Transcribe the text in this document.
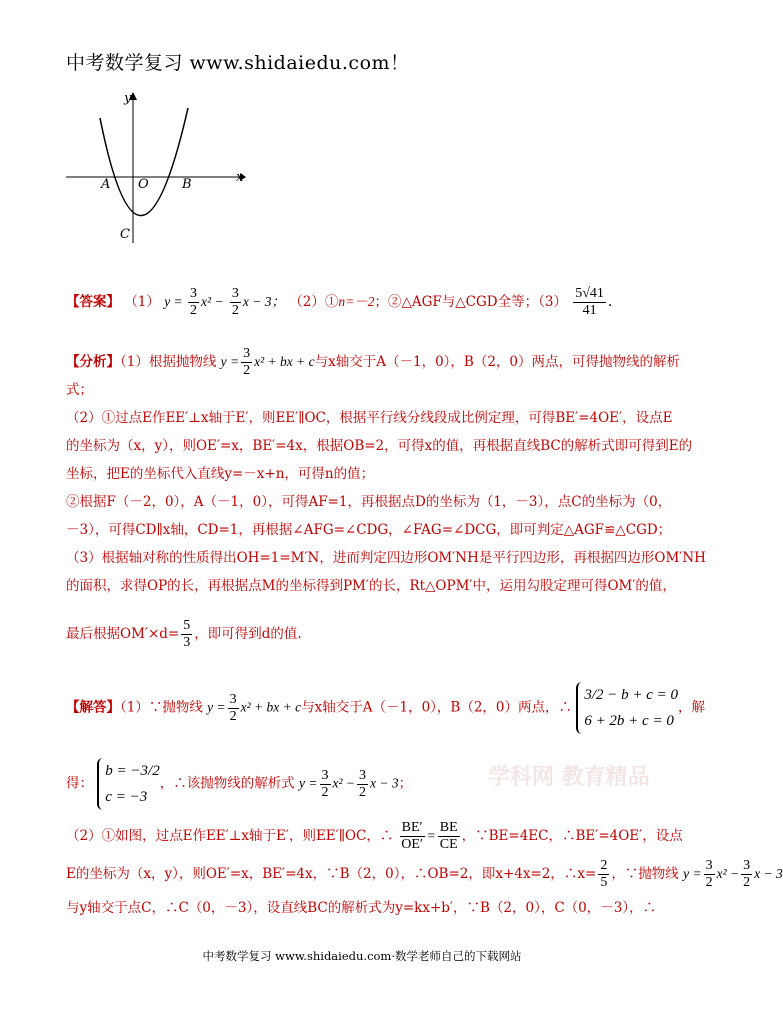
中考数学复习 www.shidaiedu.com！
x
y
A O	B
C
【答案】 （1） $y = \frac{3}{2} x^2 - \frac{3}{2}$ x − 3； （2）①n=－2；②△AGF与△CGD全等；$(3) \frac{5√41}{41}$ .
【分析】（1）根据抛物线 $y = \frac{3}{2} x^2$ + bx + c与x轴交于A（－1，0），B（2，0）两点，可得抛物线的解析
式；
（2）①过点E作EE′⊥x轴于E′，则EE′∥OC，根据平行线分线段成比例定理，可得BE′=4OE′，设点E
的坐标为（x，y），则OE′=x，BE′=4x，根据OB=2，可得x的值，再根据直线BC的解析式即可得到E的
坐标，把E的坐标代入直线y=－x+n，可得n的值；
②根据F（－2，0），A（－1，0），可得AF=1，再根据点D的坐标为（1，－3），点C的坐标为（0，
－3），可得CD∥x轴，CD=1，再根据∠AFG=∠CDG，∠FAG=∠DCG，即可判定△AGF≌△CGD；
（3）根据轴对称的性质得出OH=1=M′N，进而判定四边形OM′NH是平行四边形，再根据四边形OM′NH
的面积，求得OP的长，再根据点M的坐标得到PM′的长，Rt△OPM′中，运用勾股定理可得OM′的值，
最后根据$OM'\times d= \frac{5}{3}$ ，即可得到d的值.
【解答】（1）∵抛物线 $y = \frac{3}{2} x^2$ + bx + c与x轴交于A（－1，0），B（2，0）两点，∴
3/2 − b + c = 0
6 + 2b + c = 0
，解
得：
b = −3/2
c = −3
，∴该抛物线的解析式 $y = \frac{3}{2} x^2 - \frac{3}{2}$ x − 3；
（2）①如图，过点E作EE′⊥x轴于E′，则EE′∥OC，∴ $\frac{BE'}{OE'} = \frac{BE}{CE}$ ，∵BE=4EC，∴BE′=4OE′，设点
E的坐标为（x，y），则OE′=x，BE′=4x，∵B（2，0），∴OB=2，即x+4x=2，∴x= $\frac{2}{5}$ ，∵抛物线 $y = \frac{3}{2} x^2 - \frac{3}{2}$ x − 3
与y轴交于点C，∴C（0，－3），设直线BC的解析式为y=kx+b′，∵B（2，0），C（0，－3），∴
学科网 教育精品
中考数学复习 www.shidaiedu.com·数学老师自己的下载网站
